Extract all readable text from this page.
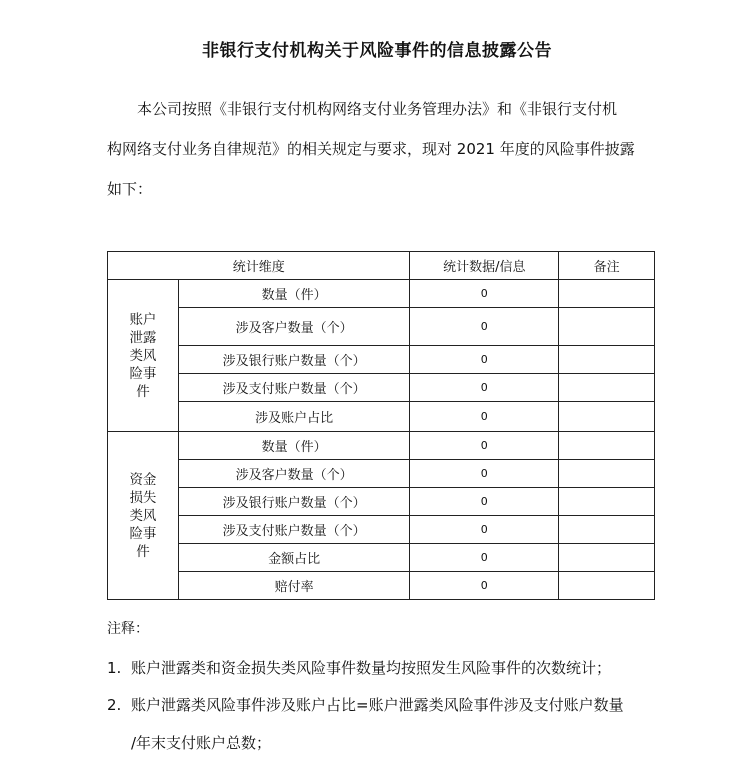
非银行支付机构关于风险事件的信息披露公告
本公司按照《非银行支付机构网络支付业务管理办法》和《非银行支付机
构网络支付业务自律规范》的相关规定与要求，现对 2021 年度的风险事件披露
如下：
统计维度		统计数据/信息	备注

账户
泄露
类风
险事
件	数量（件）	0	
	涉及客户数量（个）	0	
	涉及银行账户数量（个）	0	
	涉及支付账户数量（个）	0	
	涉及账户占比	0	

资金
损失
类风
险事
件	数量（件）	0	
	涉及客户数量（个）	0	
	涉及银行账户数量（个）	0	
	涉及支付账户数量（个）	0	
	金额占比	0	
	赔付率	0	
注释：
1. 账户泄露类和资金损失类风险事件数量均按照发生风险事件的次数统计；
2. 账户泄露类风险事件涉及账户占比=账户泄露类风险事件涉及支付账户数量
/年末支付账户总数；
